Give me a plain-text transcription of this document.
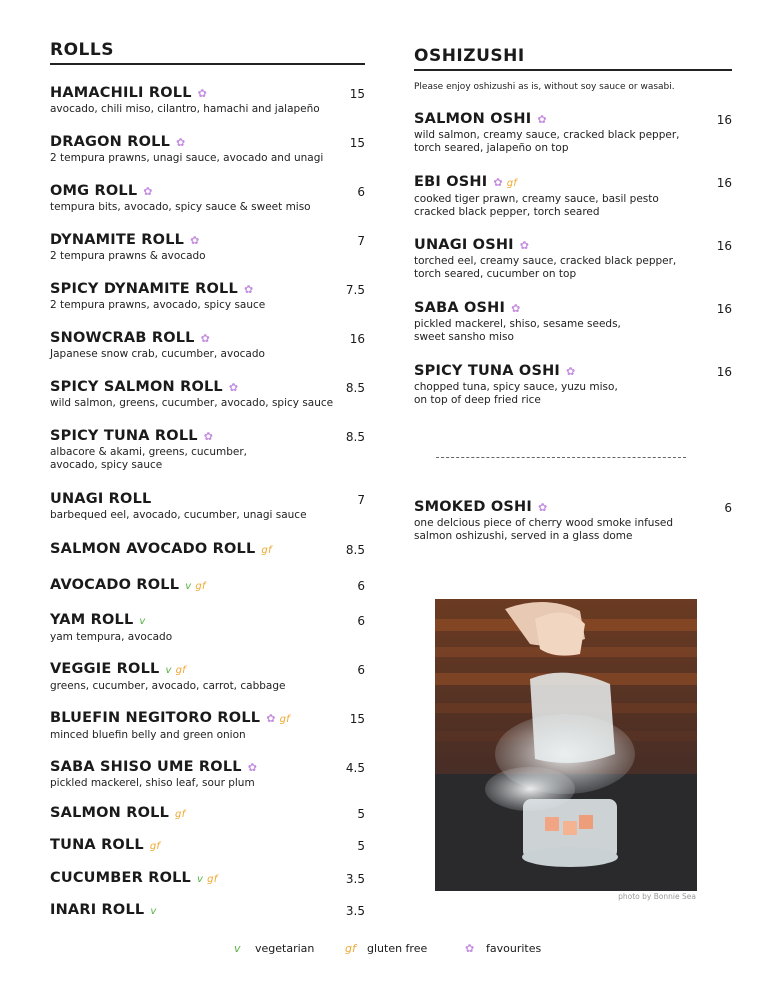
ROLLS
HAMACHILI ROLL ✿	15
avocado, chili miso, cilantro, hamachi and jalapeño
DRAGON ROLL ✿	15
2 tempura prawns, unagi sauce, avocado and unagi
OMG ROLL ✿	6
tempura bits, avocado, spicy sauce & sweet miso
DYNAMITE ROLL ✿	7
2 tempura prawns & avocado
SPICY DYNAMITE ROLL ✿	7.5
2 tempura prawns, avocado, spicy sauce
SNOWCRAB ROLL ✿	16
Japanese snow crab, cucumber, avocado
SPICY SALMON ROLL ✿	8.5
wild salmon, greens, cucumber, avocado, spicy sauce
SPICY TUNA ROLL ✿	8.5
albacore & akami, greens, cucumber,
avocado, spicy sauce
UNAGI ROLL	7
barbequed eel, avocado, cucumber, unagi sauce
SALMON AVOCADO ROLL gf	8.5
AVOCADO ROLL v gf	6
YAM ROLL v	6
yam tempura, avocado
VEGGIE ROLL v gf	6
greens, cucumber, avocado, carrot, cabbage
BLUEFIN NEGITORO ROLL ✿ gf	15
minced bluefin belly and green onion
SABA SHISO UME ROLL ✿	4.5
pickled mackerel, shiso leaf, sour plum
SALMON ROLL gf	5
TUNA ROLL gf	5
CUCUMBER ROLL v gf	3.5
INARI ROLL v	3.5
OSHIZUSHI
Please enjoy oshizushi as is, without soy sauce or wasabi.
SALMON OSHI ✿	16
wild salmon, creamy sauce, cracked black pepper,
torch seared, jalapeño on top
EBI OSHI ✿ gf	16
cooked tiger prawn, creamy sauce, basil pesto
cracked black pepper, torch seared
UNAGI OSHI ✿	16
torched eel, creamy sauce, cracked black pepper,
torch seared, cucumber on top
SABA OSHI ✿	16
pickled mackerel, shiso, sesame seeds,
sweet sansho miso
SPICY TUNA OSHI ✿	16
chopped tuna, spicy sauce, yuzu miso,
on top of deep fried rice
SMOKED OSHI ✿	6
one delcious piece of cherry wood smoke infused
salmon oshizushi, served in a glass dome
photo by Bonnie Sea
v vegetarian	gf gluten free	✿ favourites
